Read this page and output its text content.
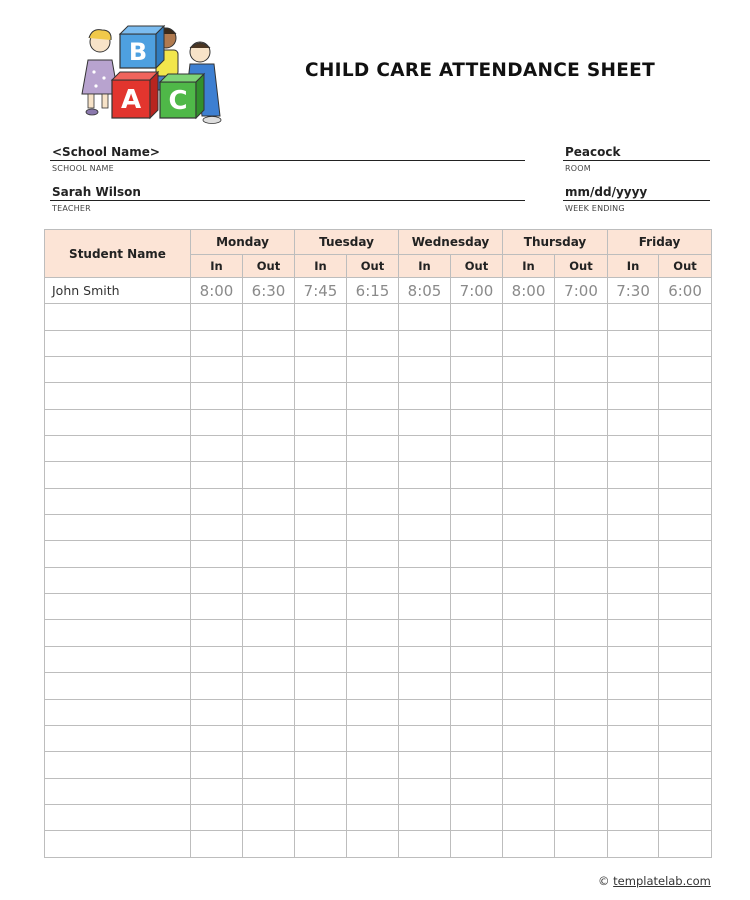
B
A C
CHILD CARE ATTENDANCE SHEET
<School Name>
SCHOOL NAME
Peacock
ROOM
Sarah Wilson
TEACHER
mm/dd/yyyy
WEEK ENDING
Student Name	Monday		Tuesday		Wednesday		Thursday		Friday	
	In	Out	In	Out	In	Out	In	Out	In	Out
John Smith	8:00	6:30	7:45	6:15	8:05	7:00	8:00	7:00	7:30	6:00

© templatelab.com
